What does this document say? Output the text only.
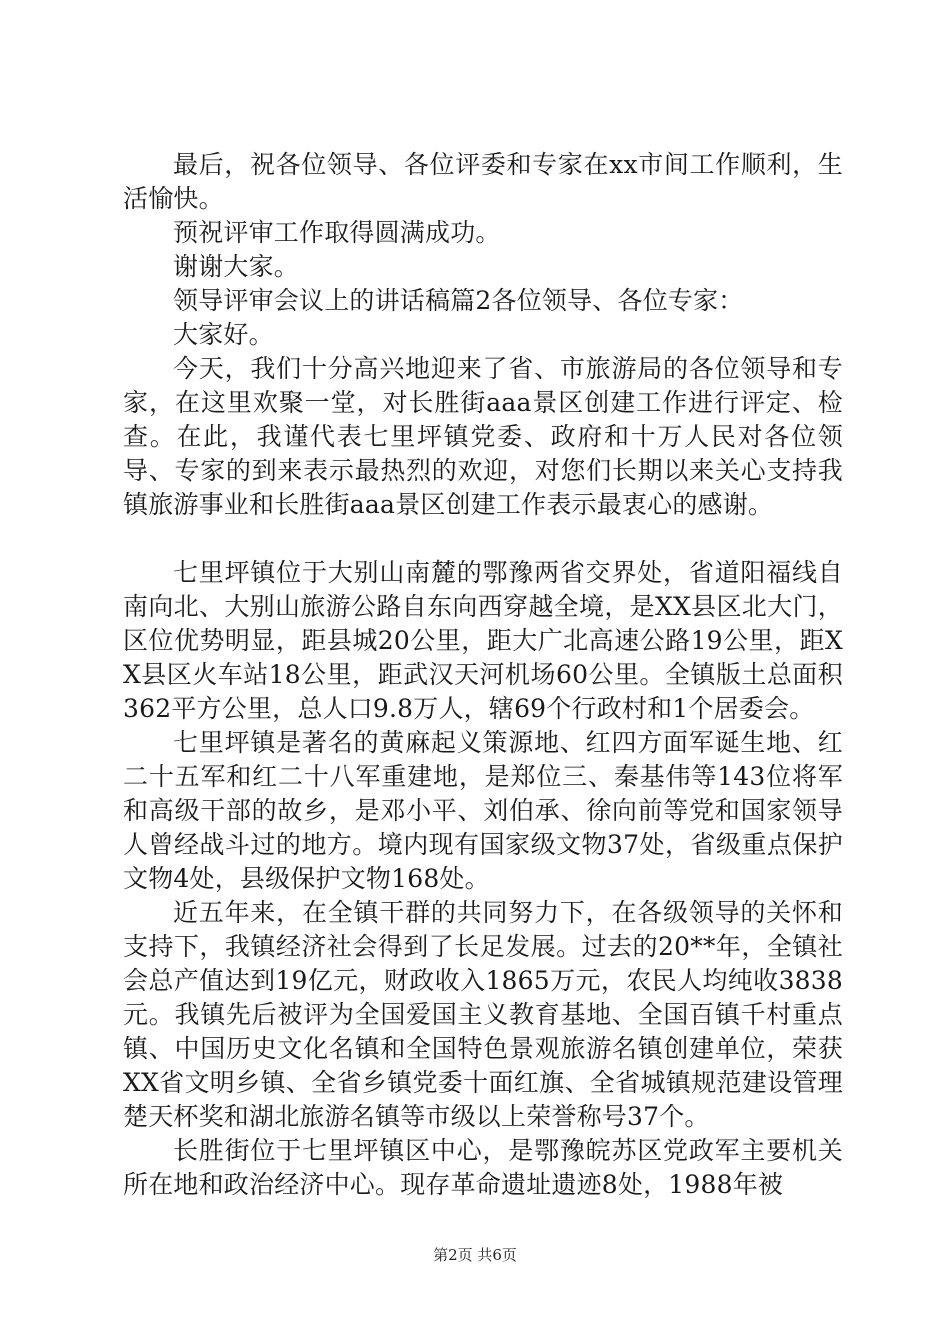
最后，祝各位领导、各位评委和专家在xx市间工作顺利，生活愉快。

预祝评审工作取得圆满成功。

谢谢大家。

领导评审会议上的讲话稿篇2各位领导、各位专家：

大家好。

今天，我们十分高兴地迎来了省、市旅游局的各位领导和专家，在这里欢聚一堂，对长胜街aaa景区创建工作进行评定、检查。在此，我谨代表七里坪镇党委、政府和十万人民对各位领导、专家的到来表示最热烈的欢迎，对您们长期以来关心支持我镇旅游事业和长胜街aaa景区创建工作表示最衷心的感谢。

七里坪镇位于大别山南麓的鄂豫两省交界处，省道阳福线自南向北、大别山旅游公路自东向西穿越全境，是XX县区北大门，区位优势明显，距县城20公里，距大广北高速公路19公里，距XX县区火车站18公里，距武汉天河机场60公里。全镇版土总面积362平方公里，总人口9.8万人，辖69个行政村和1个居委会。

七里坪镇是著名的黄麻起义策源地、红四方面军诞生地、红二十五军和红二十八军重建地，是郑位三、秦基伟等143位将军和高级干部的故乡，是邓小平、刘伯承、徐向前等党和国家领导人曾经战斗过的地方。境内现有国家级文物37处，省级重点保护文物4处，县级保护文物168处。

近五年来，在全镇干群的共同努力下，在各级领导的关怀和支持下，我镇经济社会得到了长足发展。过去的20**年，全镇社会总产值达到19亿元，财政收入1865万元，农民人均纯收3838元。我镇先后被评为全国爱国主义教育基地、全国百镇千村重点镇、中国历史文化名镇和全国特色景观旅游名镇创建单位，荣获XX省文明乡镇、全省乡镇党委十面红旗、全省城镇规范建设管理楚天杯奖和湖北旅游名镇等市级以上荣誉称号37个。

长胜街位于七里坪镇区中心，是鄂豫皖苏区党政军主要机关所在地和政治经济中心。现存革命遗址遗迹8处，1988年被

第2页 共6页
